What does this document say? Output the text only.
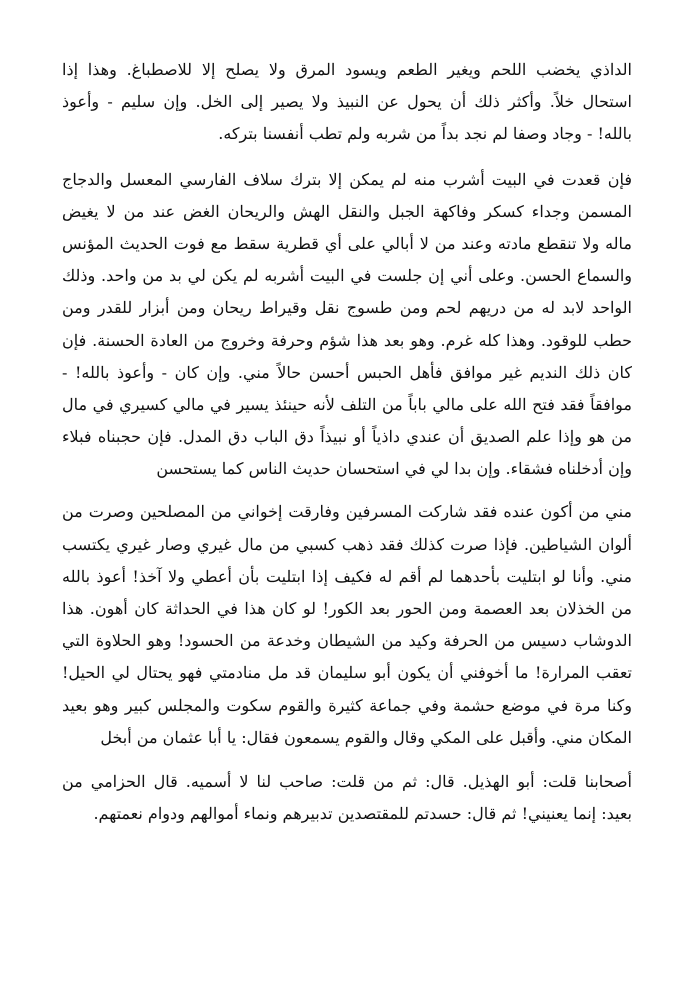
الداذي يخضب اللحم ويغير الطعم ويسود المرق ولا يصلح إلا للاصطباغ. وهذا إذا
استحال خلاً. وأكثر ذلك أن يحول عن النبيذ ولا يصير إلى الخل. وإن سليم - وأعوذ
بالله! - وجاد وصفا لم نجد بداً من شربه ولم تطب أنفسنا بتركه.

فإن قعدت في البيت أشرب منه لم يمكن إلا بترك سلاف الفارسي المعسل والدجاج
المسمن وجداء كسكر وفاكهة الجبل والنقل الهش والريحان الغض عند من لا يغيض
ماله ولا تنقطع مادته وعند من لا أبالي على أي قطرية سقط مع فوت الحديث المؤنس
والسماع الحسن. وعلى أني إن جلست في البيت أشربه لم يكن لي بد من واحد. وذلك
الواحد لابد له من دريهم لحم ومن طسوج نقل وقيراط ريحان ومن أبزار للقدر ومن
حطب للوقود. وهذا كله غرم. وهو بعد هذا شؤم وحرفة وخروج من العادة الحسنة. فإن
كان ذلك النديم غير موافق فأهل الحبس أحسن حالاً مني. وإن كان - وأعوذ بالله! -
موافقاً فقد فتح الله على مالي باباً من التلف لأنه حينئذ يسير في مالي كسيري في مال
من هو وإذا علم الصديق أن عندي داذياً أو نبيذاً دق الباب دق المدل. فإن حجبناه فبلاء
وإن أدخلناه فشقاء. وإن بدا لي في استحسان حديث الناس كما يستحسن

مني من أكون عنده فقد شاركت المسرفين وفارقت إخواني من المصلحين وصرت من
ألوان الشياطين. فإذا صرت كذلك فقد ذهب كسبي من مال غيري وصار غيري يكتسب
مني. وأنا لو ابتليت بأحدهما لم أقم له فكيف إذا ابتليت بأن أعطي ولا آخذ! أعوذ بالله
من الخذلان بعد العصمة ومن الحور بعد الكور! لو كان هذا في الحداثة كان أهون. هذا
الدوشاب دسيس من الحرفة وكيد من الشيطان وخدعة من الحسود! وهو الحلاوة التي
تعقب المرارة! ما أخوفني أن يكون أبو سليمان قد مل منادمتي فهو يحتال لي الحيل!
وكنا مرة في موضع حشمة وفي جماعة كثيرة والقوم سكوت والمجلس كبير وهو بعيد
المكان مني. وأقبل على المكي وقال والقوم يسمعون فقال: يا أبا عثمان من أبخل

أصحابنا قلت: أبو الهذيل. قال: ثم من قلت: صاحب لنا لا أسميه. قال الحزامي من
بعيد: إنما يعنيني! ثم قال: حسدتم للمقتصدين تدبيرهم ونماء أموالهم ودوام نعمتهم.
